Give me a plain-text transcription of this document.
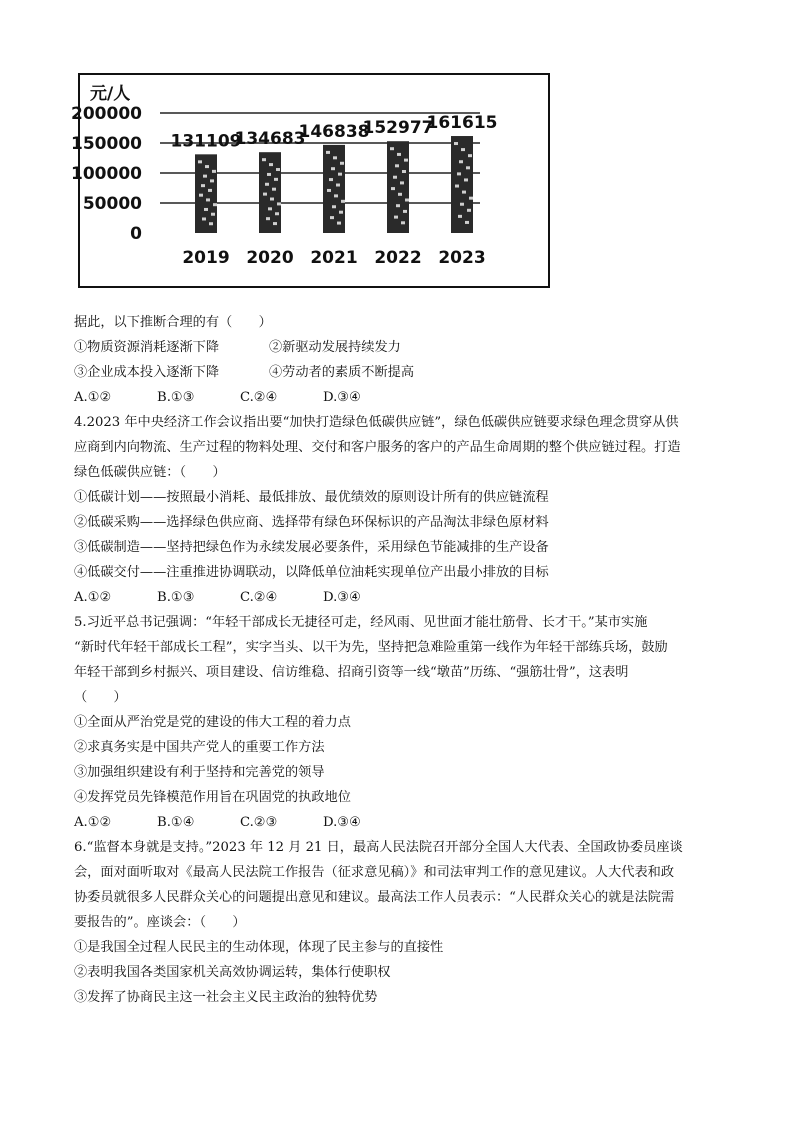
元/人
200000
150000
100000
50000
0
131109
2019
134683
2020
146838
2021
152977
2022
161615
2023
据此，以下推断合理的有（　　）
①物质资源消耗逐渐下降	②新驱动发展持续发力
③企业成本投入逐渐下降	④劳动者的素质不断提高
A.①②	B.①③	C.②④	D.③④
4.2023 年中央经济工作会议指出要“加快打造绿色低碳供应链”，绿色低碳供应链要求绿色理念贯穿从供
应商到内向物流、生产过程的物料处理、交付和客户服务的客户的产品生命周期的整个供应链过程。打造
绿色低碳供应链：（　　）
①低碳计划——按照最小消耗、最低排放、最优绩效的原则设计所有的供应链流程
②低碳采购——选择绿色供应商、选择带有绿色环保标识的产品淘汰非绿色原材料
③低碳制造——坚持把绿色作为永续发展必要条件，采用绿色节能减排的生产设备
④低碳交付——注重推进协调联动，以降低单位油耗实现单位产出最小排放的目标
A.①②	B.①③	C.②④	D.③④
5.习近平总书记强调：“年轻干部成长无捷径可走，经风雨、见世面才能壮筋骨、长才干。”某市实施
“新时代年轻干部成长工程”，实字当头、以干为先，坚持把急难险重第一线作为年轻干部练兵场，鼓励
年轻干部到乡村振兴、项目建设、信访维稳、招商引资等一线“墩苗”历练、“强筋壮骨”，这表明
（　　）
①全面从严治党是党的建设的伟大工程的着力点
②求真务实是中国共产党人的重要工作方法
③加强组织建设有利于坚持和完善党的领导
④发挥党员先锋模范作用旨在巩固党的执政地位
A.①②	B.①④	C.②③	D.③④
6.“监督本身就是支持。”2023 年 12 月 21 日，最高人民法院召开部分全国人大代表、全国政协委员座谈
会，面对面听取对《最高人民法院工作报告（征求意见稿）》和司法审判工作的意见建议。人大代表和政
协委员就很多人民群众关心的问题提出意见和建议。最高法工作人员表示：“人民群众关心的就是法院需
要报告的”。座谈会：（　　）
①是我国全过程人民民主的生动体现，体现了民主参与的直接性
②表明我国各类国家机关高效协调运转，集体行使职权
③发挥了协商民主这一社会主义民主政治的独特优势
